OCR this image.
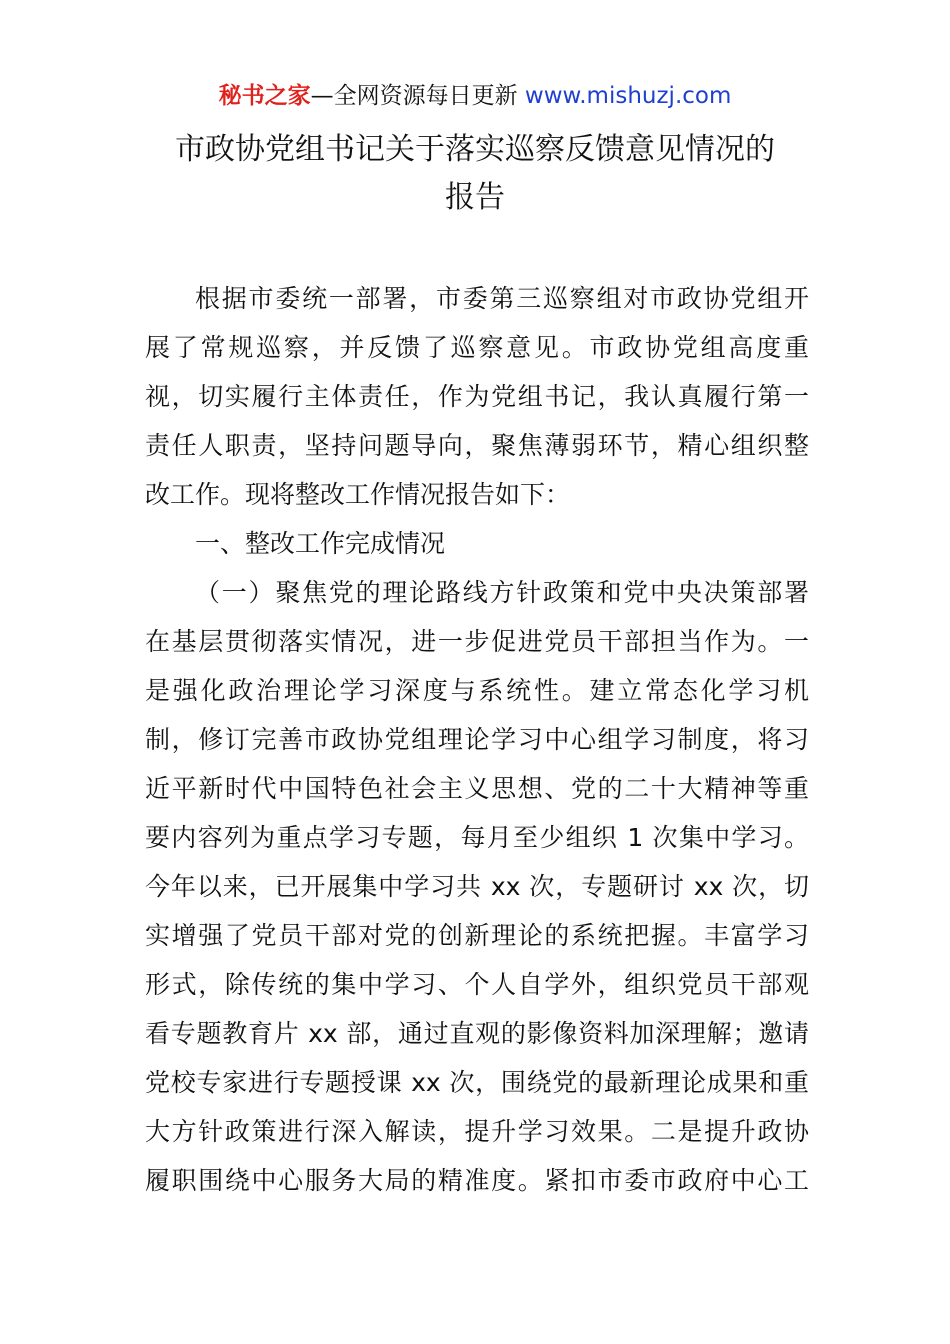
秘书之家—全网资源每日更新 www.mishuzj.com
市政协党组书记关于落实巡察反馈意见情况的
报告
根据市委统一部署，市委第三巡察组对市政协党组开
展了常规巡察，并反馈了巡察意见。市政协党组高度重
视，切实履行主体责任，作为党组书记，我认真履行第一
责任人职责，坚持问题导向，聚焦薄弱环节，精心组织整
改工作。现将整改工作情况报告如下：
一、整改工作完成情况
（一）聚焦党的理论路线方针政策和党中央决策部署
在基层贯彻落实情况，进一步促进党员干部担当作为。一
是强化政治理论学习深度与系统性。建立常态化学习机
制，修订完善市政协党组理论学习中心组学习制度，将习
近平新时代中国特色社会主义思想、党的二十大精神等重
要内容列为重点学习专题，每月至少组织 1 次集中学习。
今年以来，已开展集中学习共 xx 次，专题研讨 xx 次，切
实增强了党员干部对党的创新理论的系统把握。丰富学习
形式，除传统的集中学习、个人自学外，组织党员干部观
看专题教育片 xx 部，通过直观的影像资料加深理解；邀请
党校专家进行专题授课 xx 次，围绕党的最新理论成果和重
大方针政策进行深入解读，提升学习效果。二是提升政协
履职围绕中心服务大局的精准度。紧扣市委市政府中心工
